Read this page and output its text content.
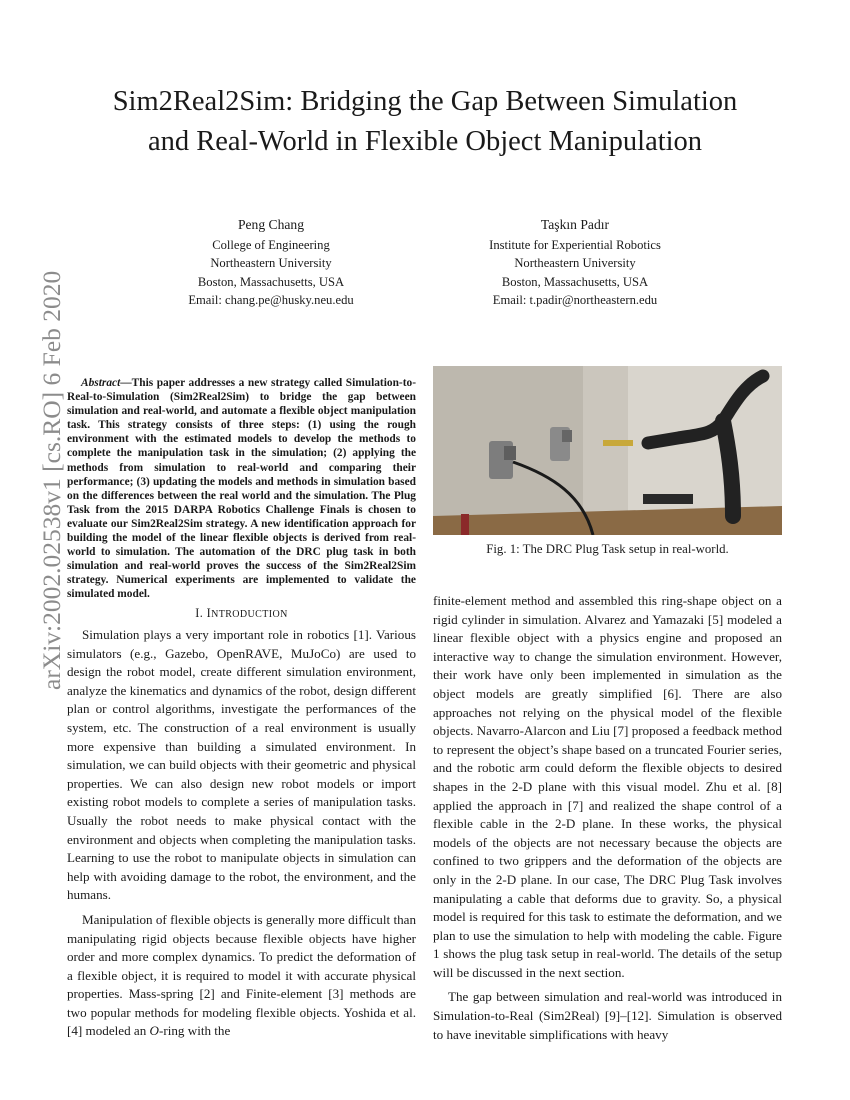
Sim2Real2Sim: Bridging the Gap Between Simulation and Real-World in Flexible Object Manipulation
Peng Chang
College of Engineering
Northeastern University
Boston, Massachusetts, USA
Email: chang.pe@husky.neu.edu
Taşkın Padır
Institute for Experiential Robotics
Northeastern University
Boston, Massachusetts, USA
Email: t.padir@northeastern.edu
arXiv:2002.02538v1 [cs.RO] 6 Feb 2020	Abstract—This paper addresses a new strategy called Simulation-to-Real-to-Simulation (Sim2Real2Sim) to bridge the gap between simulation and real-world, and automate a flexible object manipulation task. This strategy consists of three steps: (1) using the rough environment with the estimated models to develop the methods to complete the manipulation task in the simulation; (2) applying the methods from simulation to real-world and comparing their performance; (3) updating the models and methods in simulation based on the differences between the real world and the simulation. The Plug Task from the 2015 DARPA Robotics Challenge Finals is chosen to evaluate our Sim2Real2Sim strategy. A new identification approach for building the model of the linear flexible objects is derived from real-world to simulation. The automation of the DRC plug task in both simulation and real-world proves the success of the Sim2Real2Sim strategy. Numerical experiments are implemented to validate the simulated model.
I. INTRODUCTION

Simulation plays a very important role in robotics [1]. Various simulators (e.g., Gazebo, OpenRAVE, MuJoCo) are used to design the robot model, create different simulation environment, analyze the kinematics and dynamics of the robot, design different plan or control algorithms, investigate the performances of the system, etc. The construction of a real environment is usually more expensive than building a simulated environment. In simulation, we can build objects with their geometric and physical properties. We can also design new robot models or import existing robot models to complete a series of manipulation tasks. Usually the robot needs to make physical contact with the environment and objects when completing the manipulation tasks. Learning to use the robot to manipulate objects in simulation can help with avoiding damage to the robot, the environment, and the humans.

Manipulation of flexible objects is generally more difficult than manipulating rigid objects because flexible objects have higher order and more complex dynamics. To predict the deformation of a flexible object, it is required to model it with accurate physical properties. Mass-spring [2] and Finite-element [3] methods are two popular methods for modeling flexible objects. Yoshida et al. [4] modeled an O-ring with the

Fig. 1: The DRC Plug Task setup in real-world.

finite-element method and assembled this ring-shape object on a rigid cylinder in simulation. Alvarez and Yamazaki [5] modeled a linear flexible object with a physics engine and proposed an interactive way to change the simulation environment. However, their work have only been implemented in simulation as the object models are greatly simplified [6]. There are also approaches not relying on the physical model of the flexible objects. Navarro-Alarcon and Liu [7] proposed a feedback method to represent the object’s shape based on a truncated Fourier series, and the robotic arm could deform the flexible objects to desired shapes in the 2-D plane with this visual model. Zhu et al. [8] applied the approach in [7] and realized the shape control of a flexible cable in the 2-D plane. In these works, the physical models of the objects are not necessary because the objects are confined to two grippers and the deformation of the objects are only in the 2-D plane. In our case, The DRC Plug Task involves manipulating a cable that deforms due to gravity. So, a physical model is required for this task to estimate the deformation, and we plan to use the simulation to help with modeling the cable. Figure 1 shows the plug task setup in real-world. The details of the setup will be discussed in the next section.

The gap between simulation and real-world was introduced in Simulation-to-Real (Sim2Real) [9]–[12]. Simulation is observed to have inevitable simplifications with heavy
